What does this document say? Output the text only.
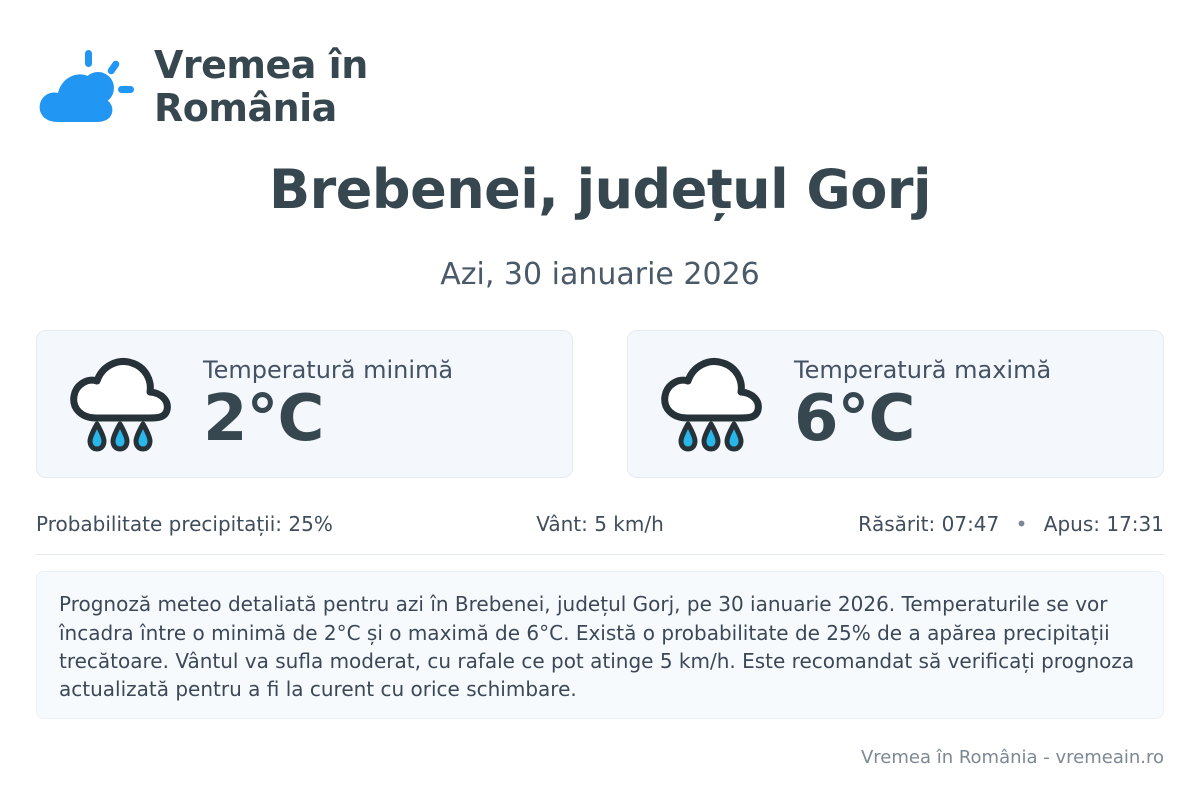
Vremea în România
Brebenei, județul Gorj
Azi, 30 ianuarie 2026
Temperatură minimă
2°C
Temperatură maximă
6°C
Probabilitate precipitații: 25%	Vânt: 5 km/h	Răsărit: 07:47 • Apus: 17:31
Prognoză meteo detaliată pentru azi în Brebenei, județul Gorj, pe 30 ianuarie 2026. Temperaturile se vor încadra între o minimă de 2°C și o maximă de 6°C. Există o probabilitate de 25% de a apărea precipitații trecătoare. Vântul va sufla moderat, cu rafale ce pot atinge 5 km/h. Este recomandat să verificați prognoza actualizată pentru a fi la curent cu orice schimbare.
Vremea în România - vremeain.ro
